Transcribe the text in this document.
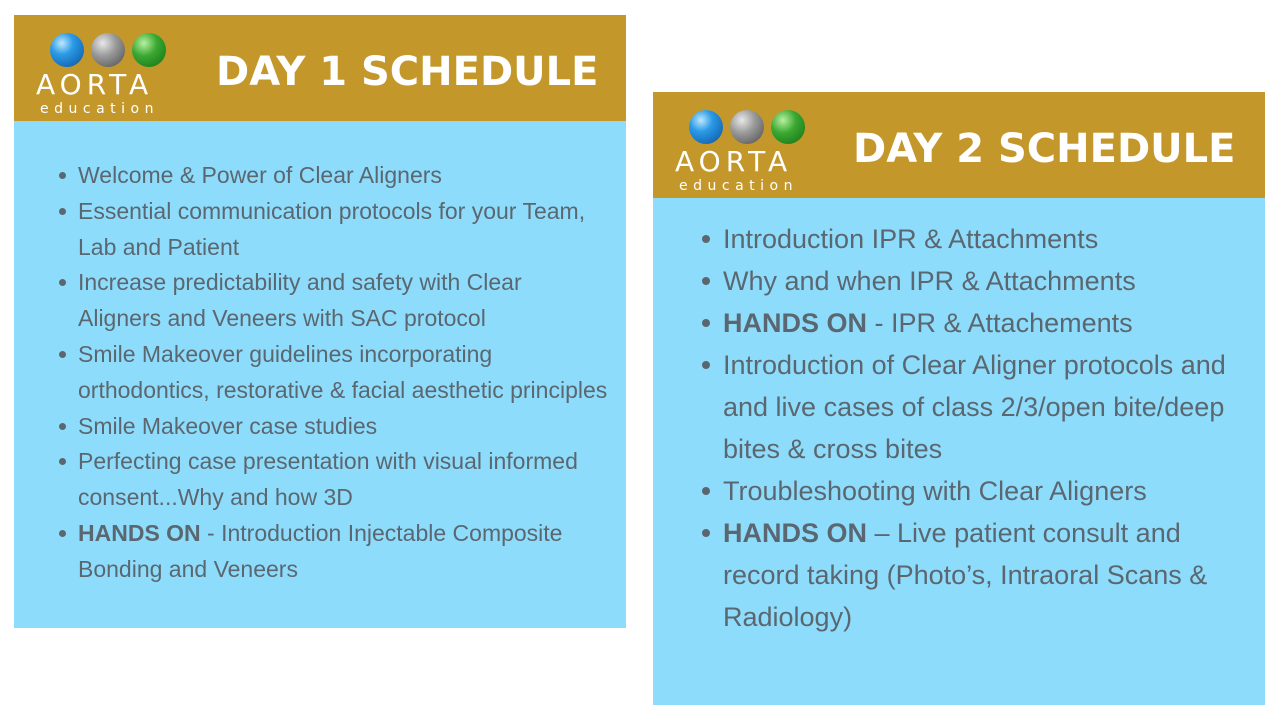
AORTA
education
DAY 1 SCHEDULE
Welcome & Power of Clear Aligners
Essential communication protocols for your Team, Lab and Patient
Increase predictability and safety with Clear Aligners and Veneers with SAC protocol
Smile Makeover guidelines incorporating orthodontics, restorative & facial aesthetic principles
Smile Makeover case studies
Perfecting case presentation with visual informed consent...Why and how 3D
HANDS ON - Introduction Injectable Composite Bonding and Veneers
AORTA
education
DAY 2 SCHEDULE
Introduction IPR & Attachments
Why and when IPR & Attachments
HANDS ON - IPR & Attachements
Introduction of Clear Aligner protocols and and live cases of class 2/3/open bite/deep bites & cross bites
Troubleshooting with Clear Aligners
HANDS ON – Live patient consult and record taking (Photo’s, Intraoral Scans & Radiology)
